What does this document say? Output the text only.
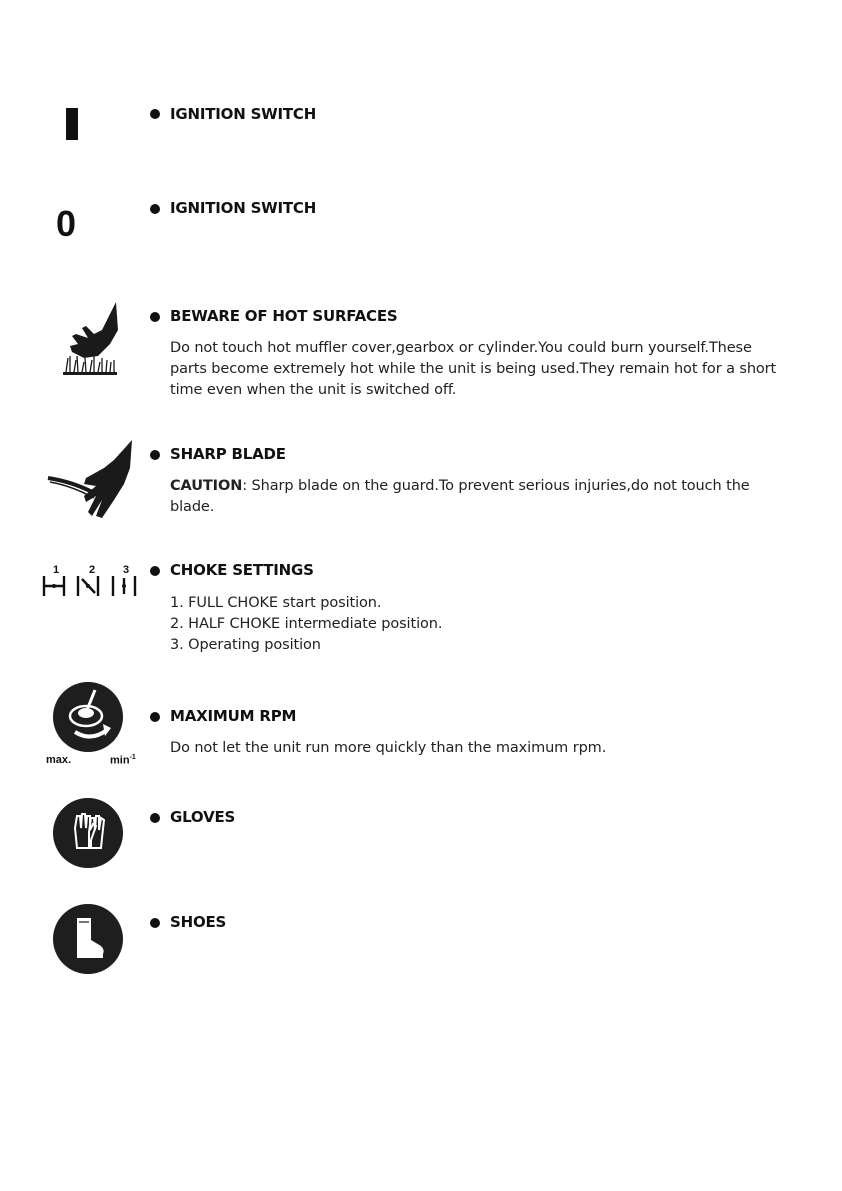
IGNITION SWITCH
0	IGNITION SWITCH
BEWARE OF HOT SURFACES

Do not touch hot muffler cover,gearbox or cylinder.You could burn yourself.These parts become extremely hot while the unit is being used.They remain hot for a short time even when the unit is switched off.

SHARP BLADE

CAUTION: Sharp blade on the guard.To prevent serious injuries,do not touch the blade.

1	2	3	CHOKE SETTINGS

1. FULL CHOKE start position.

2. HALF CHOKE intermediate position.

3. Operating position

max.	$\min^{-1}$
MAXIMUM RPM

Do not let the unit run more quickly than the maximum rpm.

GLOVES
SHOES
